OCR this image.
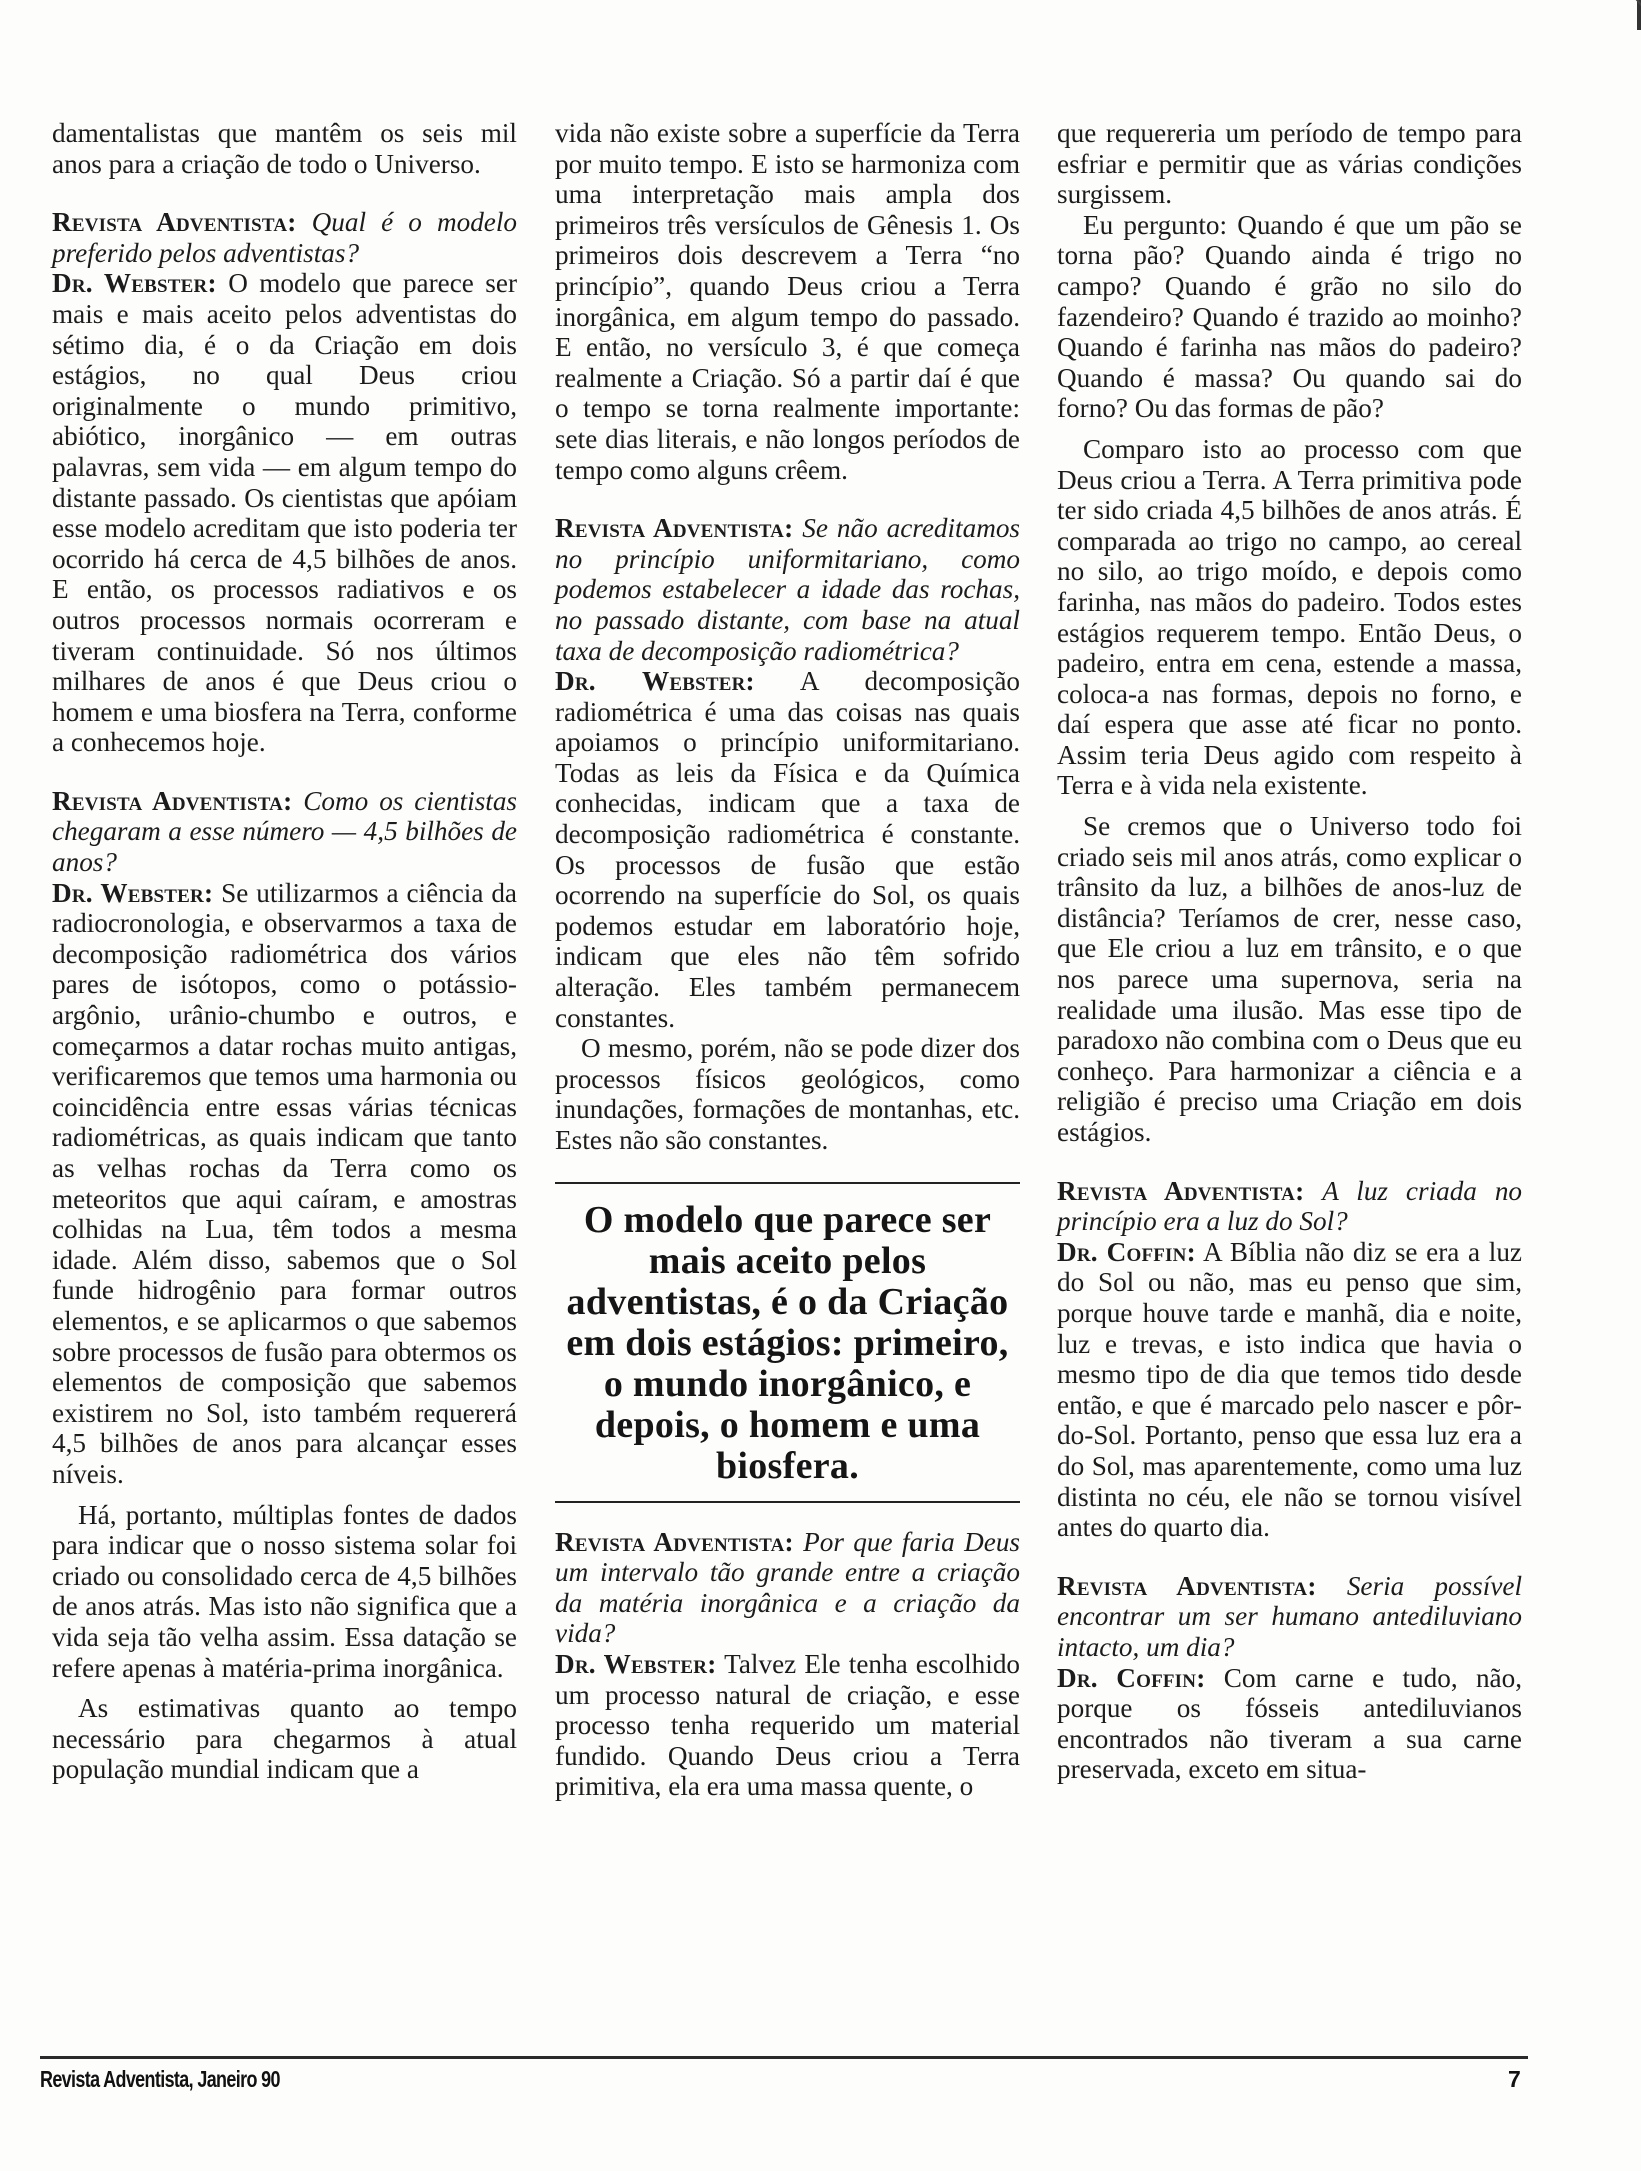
damentalistas que mantêm os seis mil anos para a criação de todo o Universo.

Revista Adventista: Qual é o modelo preferido pelos adventistas?

Dr. Webster: O modelo que parece ser mais e mais aceito pelos adventistas do sétimo dia, é o da Criação em dois estágios, no qual Deus criou originalmente o mundo primitivo, abiótico, inorgânico — em outras palavras, sem vida — em algum tempo do distante passado. Os cientistas que apóiam esse modelo acreditam que isto poderia ter ocorrido há cerca de 4,5 bilhões de anos. E então, os processos radiativos e os outros processos normais ocorreram e tiveram continuidade. Só nos últimos milhares de anos é que Deus criou o homem e uma biosfera na Terra, conforme a conhecemos hoje.

Revista Adventista: Como os cientistas chegaram a esse número — 4,5 bilhões de anos?

Dr. Webster: Se utilizarmos a ciência da radiocronologia, e observarmos a taxa de decomposição radiométrica dos vários pares de isótopos, como o potássio-argônio, urânio-chumbo e outros, e começarmos a datar rochas muito antigas, verificaremos que temos uma harmonia ou coincidência entre essas várias técnicas radiométricas, as quais indicam que tanto as velhas rochas da Terra como os meteoritos que aqui caíram, e amostras colhidas na Lua, têm todos a mesma idade. Além disso, sabemos que o Sol funde hidrogênio para formar outros elementos, e se aplicarmos o que sabemos sobre processos de fusão para obtermos os elementos de composição que sabemos existirem no Sol, isto também requererá 4,5 bilhões de anos para alcançar esses níveis.

Há, portanto, múltiplas fontes de dados para indicar que o nosso sistema solar foi criado ou consolidado cerca de 4,5 bilhões de anos atrás. Mas isto não significa que a vida seja tão velha assim. Essa datação se refere apenas à matéria-prima inorgânica.

As estimativas quanto ao tempo necessário para chegarmos à atual população mundial indicam que a

vida não existe sobre a superfície da Terra por muito tempo. E isto se harmoniza com uma interpretação mais ampla dos primeiros três versículos de Gênesis 1. Os primeiros dois descrevem a Terra “no princípio”, quando Deus criou a Terra inorgânica, em algum tempo do passado. E então, no versículo 3, é que começa realmente a Criação. Só a partir daí é que o tempo se torna realmente importante: sete dias literais, e não longos períodos de tempo como alguns crêem.

Revista Adventista: Se não acreditamos no princípio uniformitariano, como podemos estabelecer a idade das rochas, no passado distante, com base na atual taxa de decomposição radiométrica?

Dr. Webster: A decomposição radiométrica é uma das coisas nas quais apoiamos o princípio uniformitariano. Todas as leis da Física e da Química conhecidas, indicam que a taxa de decomposição radiométrica é constante. Os processos de fusão que estão ocorrendo na superfície do Sol, os quais podemos estudar em laboratório hoje, indicam que eles não têm sofrido alteração. Eles também permanecem constantes.

O mesmo, porém, não se pode dizer dos processos físicos geológicos, como inundações, formações de montanhas, etc. Estes não são constantes.

O modelo que parece ser mais aceito pelos adventistas, é o da Criação em dois estágios: primeiro, o mundo inorgânico, e depois, o homem e uma biosfera.

Revista Adventista: Por que faria Deus um intervalo tão grande entre a criação da matéria inorgânica e a criação da vida?

Dr. Webster: Talvez Ele tenha escolhido um processo natural de criação, e esse processo tenha requerido um material fundido. Quando Deus criou a Terra primitiva, ela era uma massa quente, o

que requereria um período de tempo para esfriar e permitir que as várias condições surgissem.

Eu pergunto: Quando é que um pão se torna pão? Quando ainda é trigo no campo? Quando é grão no silo do fazendeiro? Quando é trazido ao moinho? Quando é farinha nas mãos do padeiro? Quando é massa? Ou quando sai do forno? Ou das formas de pão?

Comparo isto ao processo com que Deus criou a Terra. A Terra primitiva pode ter sido criada 4,5 bilhões de anos atrás. É comparada ao trigo no campo, ao cereal no silo, ao trigo moído, e depois como farinha, nas mãos do padeiro. Todos estes estágios requerem tempo. Então Deus, o padeiro, entra em cena, estende a massa, coloca-a nas formas, depois no forno, e daí espera que asse até ficar no ponto. Assim teria Deus agido com respeito à Terra e à vida nela existente.

Se cremos que o Universo todo foi criado seis mil anos atrás, como explicar o trânsito da luz, a bilhões de anos-luz de distância? Teríamos de crer, nesse caso, que Ele criou a luz em trânsito, e o que nos parece uma supernova, seria na realidade uma ilusão. Mas esse tipo de paradoxo não combina com o Deus que eu conheço. Para harmonizar a ciência e a religião é preciso uma Criação em dois estágios.

Revista Adventista: A luz criada no princípio era a luz do Sol?

Dr. Coffin: A Bíblia não diz se era a luz do Sol ou não, mas eu penso que sim, porque houve tarde e manhã, dia e noite, luz e trevas, e isto indica que havia o mesmo tipo de dia que temos tido desde então, e que é marcado pelo nascer e pôr-do-Sol. Portanto, penso que essa luz era a do Sol, mas aparentemente, como uma luz distinta no céu, ele não se tornou visível antes do quarto dia.

Revista Adventista: Seria possível encontrar um ser humano antediluviano intacto, um dia?

Dr. Coffin: Com carne e tudo, não, porque os fósseis antediluvianos encontrados não tiveram a sua carne preservada, exceto em situa-

Revista Adventista, Janeiro 90	7
